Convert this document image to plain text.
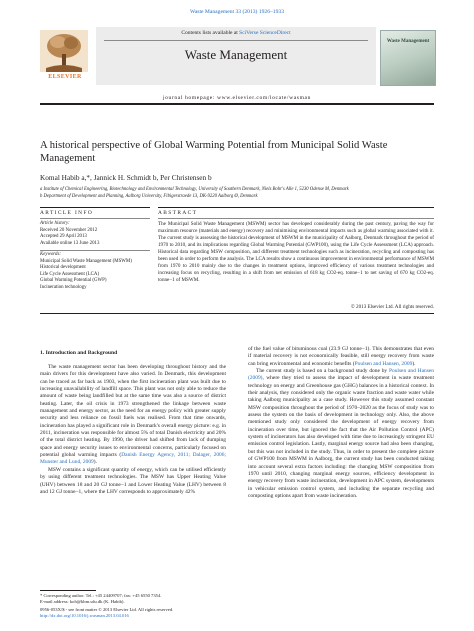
Waste Management 33 (2013) 1926–1933
ELSEVIER
Contents lists available at SciVerse ScienceDirect
Waste Management
Waste Management
journal homepage: www.elsevier.com/locate/wasman
A historical perspective of Global Warming Potential from Municipal Solid Waste Management
Komal Habib a,*, Jannick H. Schmidt b, Per Christensen b
a Institute of Chemical Engineering, Biotechnology and Environmental Technology, University of Southern Denmark, Niels Bohr's Alle 1, 5230 Odense M, Denmark
b Department of Development and Planning, Aalborg University, Fibigerstraede 13, DK-9220 Aalborg Ø, Denmark
ARTICLE INFO
Article history:
Received 20 November 2012
Accepted 29 April 2013
Available online 13 June 2013
Keywords:
Municipal Solid Waste Management (MSWM)
Historical development
Life Cycle Assessment (LCA)
Global Warming Potential (GWP)
Incineration technology
ABSTRACT
The Municipal Solid Waste Management (MSWM) sector has developed considerably during the past century, paving the way for maximum resource (materials and energy) recovery and minimising environmental impacts such as global warming associated with it. The current study is assessing the historical development of MSWM in the municipality of Aalborg, Denmark throughout the period of 1970 to 2010, and its implications regarding Global Warming Potential (GWP100), using the Life Cycle Assessment (LCA) approach. Historical data regarding MSW composition, and different treatment technologies such as incineration, recycling and composting has been used in order to perform the analysis. The LCA results show a continuous improvement in environmental performance of MSWM from 1970 to 2010 mainly due to the changes in treatment options, improved efficiency of various treatment technologies and increasing focus on recycling, resulting in a shift from net emission of 618 kg CO2-eq. tonne−1 to net saving of 670 kg CO2-eq. tonne−1 of MSWM.
© 2013 Elsevier Ltd. All rights reserved.
1. Introduction and Background

The waste management sector has been developing throughout history and the main drivers for this development have also varied. In Denmark, this development can be traced as far back as 1903, when the first incineration plant was built due to increasing unavailability of landfill space. This plant was not only able to reduce the amount of waste being landfilled but at the same time was also a source of district heating. Later, the oil crisis in 1973 strengthened the linkage between waste management and energy sector, as the need for an energy policy with greater supply security and less reliance on fossil fuels was realised. From that time onwards, incineration has played a significant role in Denmark's overall energy picture: e.g. in 2011, incineration was responsible for almost 5% of total Danish electricity and 20% of the total district heating. By 1990, the driver had shifted from lack of dumping space and energy security issues to environmental concerns, particularly focused on potential global warming impacts (Danish Energy Agency, 2011; Dalager, 2006; Munster and Lund, 2009).

MSW contains a significant quantity of energy, which can be utilised efficiently by using different treatment technologies. The MSW has Upper Heating Value (UHV) between 18 and 20 GJ tonne−1 and Lower Heating Value (LHV) between 8 and 12 GJ tonne−1, where the LHV corresponds to approximately 42%

of the fuel value of bituminous coal (23.9 GJ tonne−1). This demonstrates that even if material recovery is not economically feasible, still energy recovery from waste can bring environmental and economic benefits (Poulsen and Hansen, 2009).

The current study is based on a background study done by Poulsen and Hansen (2009), where they tried to assess the impact of development in waste treatment technology on energy and Greenhouse gas (GHG) balances in a historical context. In their analysis, they considered only the organic waste fraction and waste water while taking Aalborg municipality as a case study. However this study assumed constant MSW composition throughout the period of 1970–2020 as the focus of study was to assess the system on the basis of development in technology only. Also, the above mentioned study only considered the development of energy recovery from incineration over time, but ignored the fact that the Air Pollution Control (APC) system of incinerators has also developed with time due to increasingly stringent EU emission control legislation. Lastly, marginal energy source had also been changing, but this was not included in the study. Thus, in order to present the complete picture of GWP100 from MSWM in Aalborg, the current study has been conducted taking into account several extra factors including: the changing MSW composition from 1970 until 2010, changing marginal energy sources, efficiency development in energy recovery from waste incineration, development in APC system, developments in vehicular emission control system, and including the separate recycling and composting options apart from waste incineration.

* Corresponding author. Tel.: +45 24409707; fax: +45 6550 7354.
E-mail address: koh@kbm.sdu.dk (K. Habib).
0956-053X/$ - see front matter © 2013 Elsevier Ltd. All rights reserved.
http://dx.doi.org/10.1016/j.wasman.2013.04.016
